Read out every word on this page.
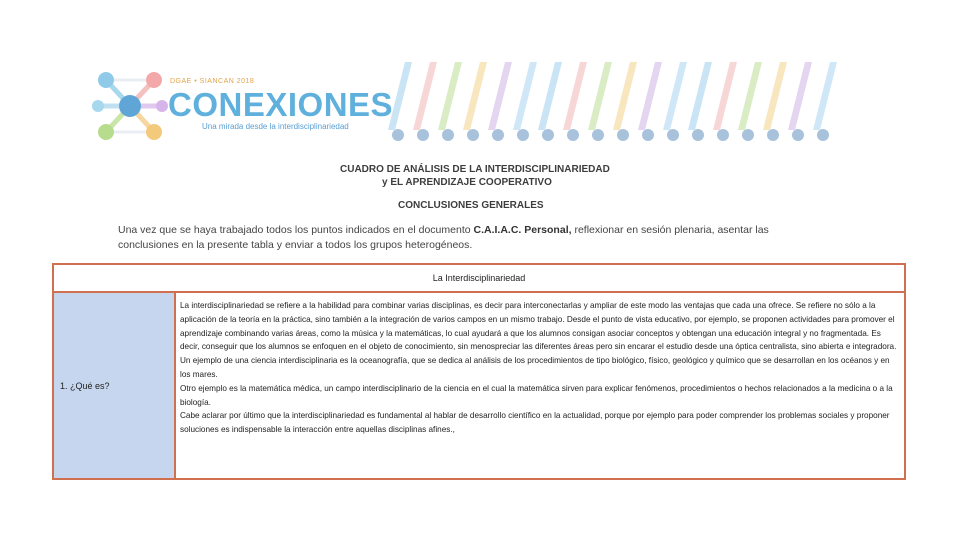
DGAE • SIANCAN 2018
CONEXIONES
Una mirada desde la interdisciplinariedad
CUADRO DE ANÁLISIS DE LA INTERDISCIPLINARIEDAD
y EL APRENDIZAJE COOPERATIVO
CONCLUSIONES GENERALES
Una vez que se haya trabajado todos los puntos indicados en el documento C.A.I.A.C. Personal, reflexionar en sesión plenaria, asentar las conclusiones en la presente tabla y enviar a todos los grupos heterogéneos.
La Interdisciplinariedad
1. ¿Qué es?

La interdisciplinariedad se refiere a la habilidad para combinar varias disciplinas, es decir para interconectarlas y ampliar de este modo las ventajas que cada una ofrece. Se refiere no sólo a la aplicación de la teoría en la práctica, sino también a la integración de varios campos en un mismo trabajo. Desde el punto de vista educativo, por ejemplo, se proponen actividades para promover el aprendizaje combinando varias áreas, como la música y la matemáticas, lo cual ayudará a que los alumnos consigan asociar conceptos y obtengan una educación integral y no fragmentada. Es decir, conseguir que los alumnos se enfoquen en el objeto de conocimiento, sin menospreciar las diferentes áreas pero sin encarar el estudio desde una óptica centralista, sino abierta e integradora.

Un ejemplo de una ciencia interdisciplinaria es la oceanografía, que se dedica al análisis de los procedimientos de tipo biológico, físico, geológico y químico que se desarrollan en los océanos y en los mares.

Otro ejemplo es la matemática médica, un campo interdisciplinario de la ciencia en el cual la matemática sirven para explicar fenómenos, procedimientos o hechos relacionados a la medicina o a la biología.

Cabe aclarar por último que la interdisciplinariedad es fundamental al hablar de desarrollo científico en la actualidad, porque por ejemplo para poder comprender los problemas sociales y proponer soluciones es indispensable la interacción entre aquellas disciplinas afines.,
